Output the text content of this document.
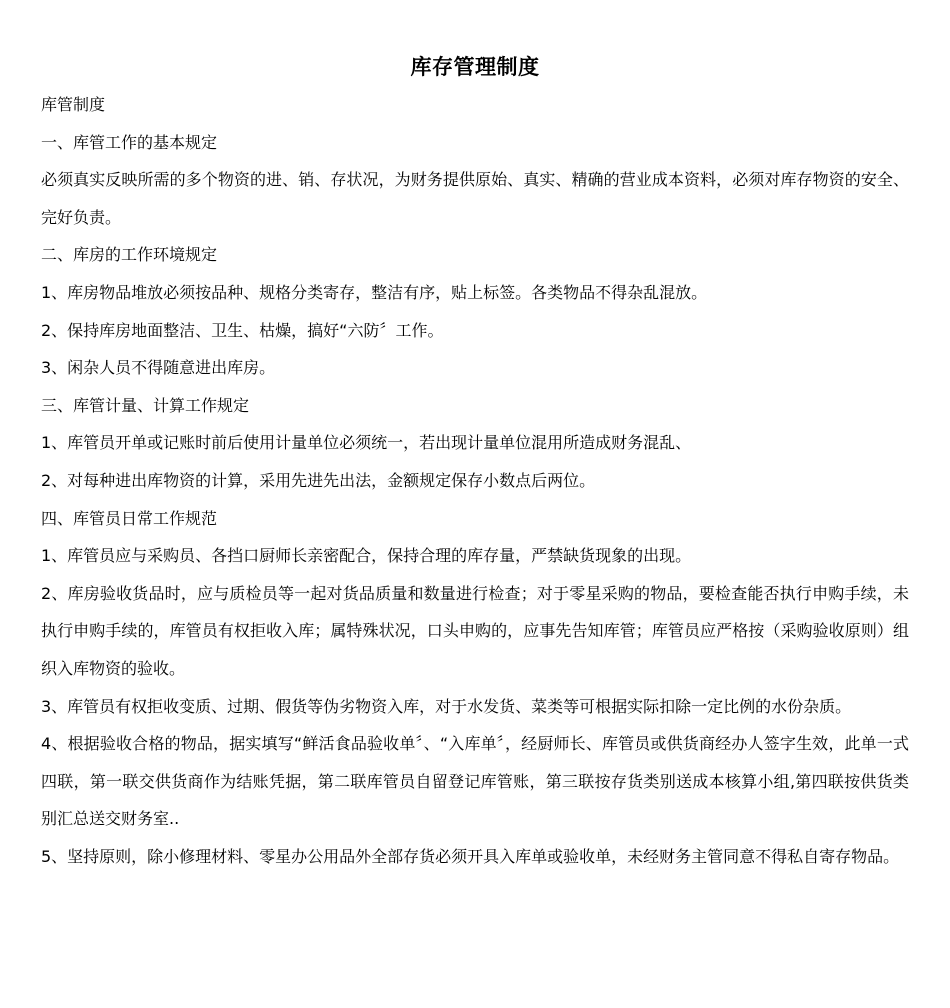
库存管理制度

库管制度

一、库管工作的基本规定

必须真实反映所需的多个物资的进、销、存状况，为财务提供原始、真实、精确的营业成本资料，必须对库存物资的安全、完好负责。

二、库房的工作环境规定

1、库房物品堆放必须按品种、规格分类寄存，整洁有序，贴上标签。各类物品不得杂乱混放。

2、保持库房地面整洁、卫生、枯燥，搞好“六防〞工作。

3、闲杂人员不得随意进出库房。

三、库管计量、计算工作规定

1、库管员开单或记账时前后使用计量单位必须统一，若出现计量单位混用所造成财务混乱、

2、对每种进出库物资的计算，采用先进先出法，金额规定保存小数点后两位。

四、库管员日常工作规范

1、库管员应与采购员、各挡口厨师长亲密配合，保持合理的库存量，严禁缺货现象的出现。

2、库房验收货品时，应与质检员等一起对货品质量和数量进行检查；对于零星采购的物品，要检查能否执行申购手续，未执行申购手续的，库管员有权拒收入库；属特殊状况，口头申购的，应事先告知库管；库管员应严格按（采购验收原则）组织入库物资的验收。

3、库管员有权拒收变质、过期、假货等伪劣物资入库，对于水发货、菜类等可根据实际扣除一定比例的水份杂质。

4、根据验收合格的物品，据实填写“鲜活食品验收单〞、“入库单〞，经厨师长、库管员或供货商经办人签字生效，此单一式四联，第一联交供货商作为结账凭据，第二联库管员自留登记库管账，第三联按存货类别送成本核算小组,第四联按供货类别汇总送交财务室..

5、坚持原则，除小修理材料、零星办公用品外全部存货必须开具入库单或验收单，未经财务主管同意不得私自寄存物品。
